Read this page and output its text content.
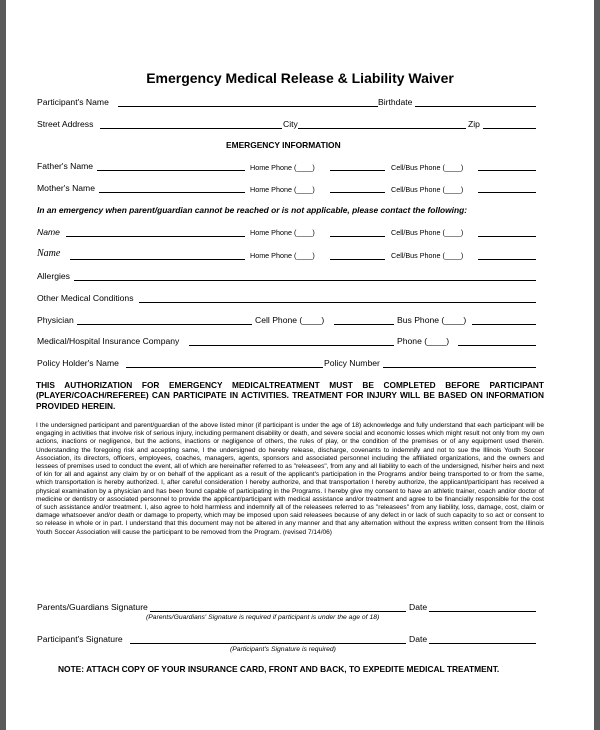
Emergency Medical Release & Liability Waiver
Participant's Name	Birthdate
Street Address	City	Zip
EMERGENCY INFORMATION
Father's Name	Home Phone (____)	Cell/Bus Phone (____)
Mother's Name	Home Phone (____)	Cell/Bus Phone (____)
In an emergency when parent/guardian cannot be reached or is not applicable, please contact the following:
Name	Home Phone (____)	Cell/Bus Phone (____)
Name	Home Phone (____)	Cell/Bus Phone (____)
Allergies
Other Medical Conditions
Physician	Cell Phone (____)	Bus Phone (____)
Medical/Hospital Insurance Company	Phone (____)
Policy Holder's Name	Policy Number
THIS AUTHORIZATION FOR EMERGENCY MEDICALTREATMENT MUST BE COMPLETED BEFORE PARTICIPANT (PLAYER/COACH/REFEREE) CAN PARTICIPATE IN ACTIVITIES. TREATMENT FOR INJURY WILL BE BASED ON INFORMATION PROVIDED HEREIN.
I the undersigned participant and parent/guardian of the above listed minor (if participant is under the age of 18) acknowledge and fully understand that each participant will be engaging in activities that involve risk of serious injury, including permanent disability or death, and severe social and economic losses which might result not only from my own actions, inactions or negligence, but the actions, inactions or negligence of others, the rules of play, or the condition of the premises or of any equipment used therein. Understanding the foregoing risk and accepting same, I the undersigned do hereby release, discharge, covenants to indemnify and not to sue the Illinois Youth Soccer Association, its directors, officers, employees, coaches, managers, agents, sponsors and associated personnel including the affiliated organizations, and the owners and lessees of premises used to conduct the event, all of which are hereinafter referred to as "releasees", from any and all liability to each of the undersigned, his/her heirs and next of kin for all and against any claim by or on behalf of the applicant as a result of the applicant's participation in the Programs and/or being transported to or from the same, which transportation is hereby authorized. I, after careful consideration I hereby authorize, and that transportation I hereby authorize, the applicant/participant has received a physical examination by a physician and has been found capable of participating in the Programs. I hereby give my consent to have an athletic trainer, coach and/or doctor of medicine or dentistry or associated personnel to provide the applicant/participant with medical assistance and/or treatment and agree to be financially responsible for the cost of such assistance and/or treatment. I, also agree to hold harmless and indemnify all of the releasees referred to as "releasees" from any liability, loss, damage, cost, claim or damage whatsoever and/or death or damage to property, which may be imposed upon said releasees because of any defect in or lack of such capacity to so act or consent to so release in whole or in part. I understand that this document may not be altered in any manner and that any alternation without the express written consent from the Illinois Youth Soccer Association will cause the participant to be removed from the Program. (revised 7/14/06)
Parents/Guardians Signature	Date
(Parents/Guardians' Signature is required if participant is under the age of 18)
Participant's Signature	Date
(Participant's Signature is required)
NOTE: ATTACH COPY OF YOUR INSURANCE CARD, FRONT AND BACK, TO EXPEDITE MEDICAL TREATMENT.
